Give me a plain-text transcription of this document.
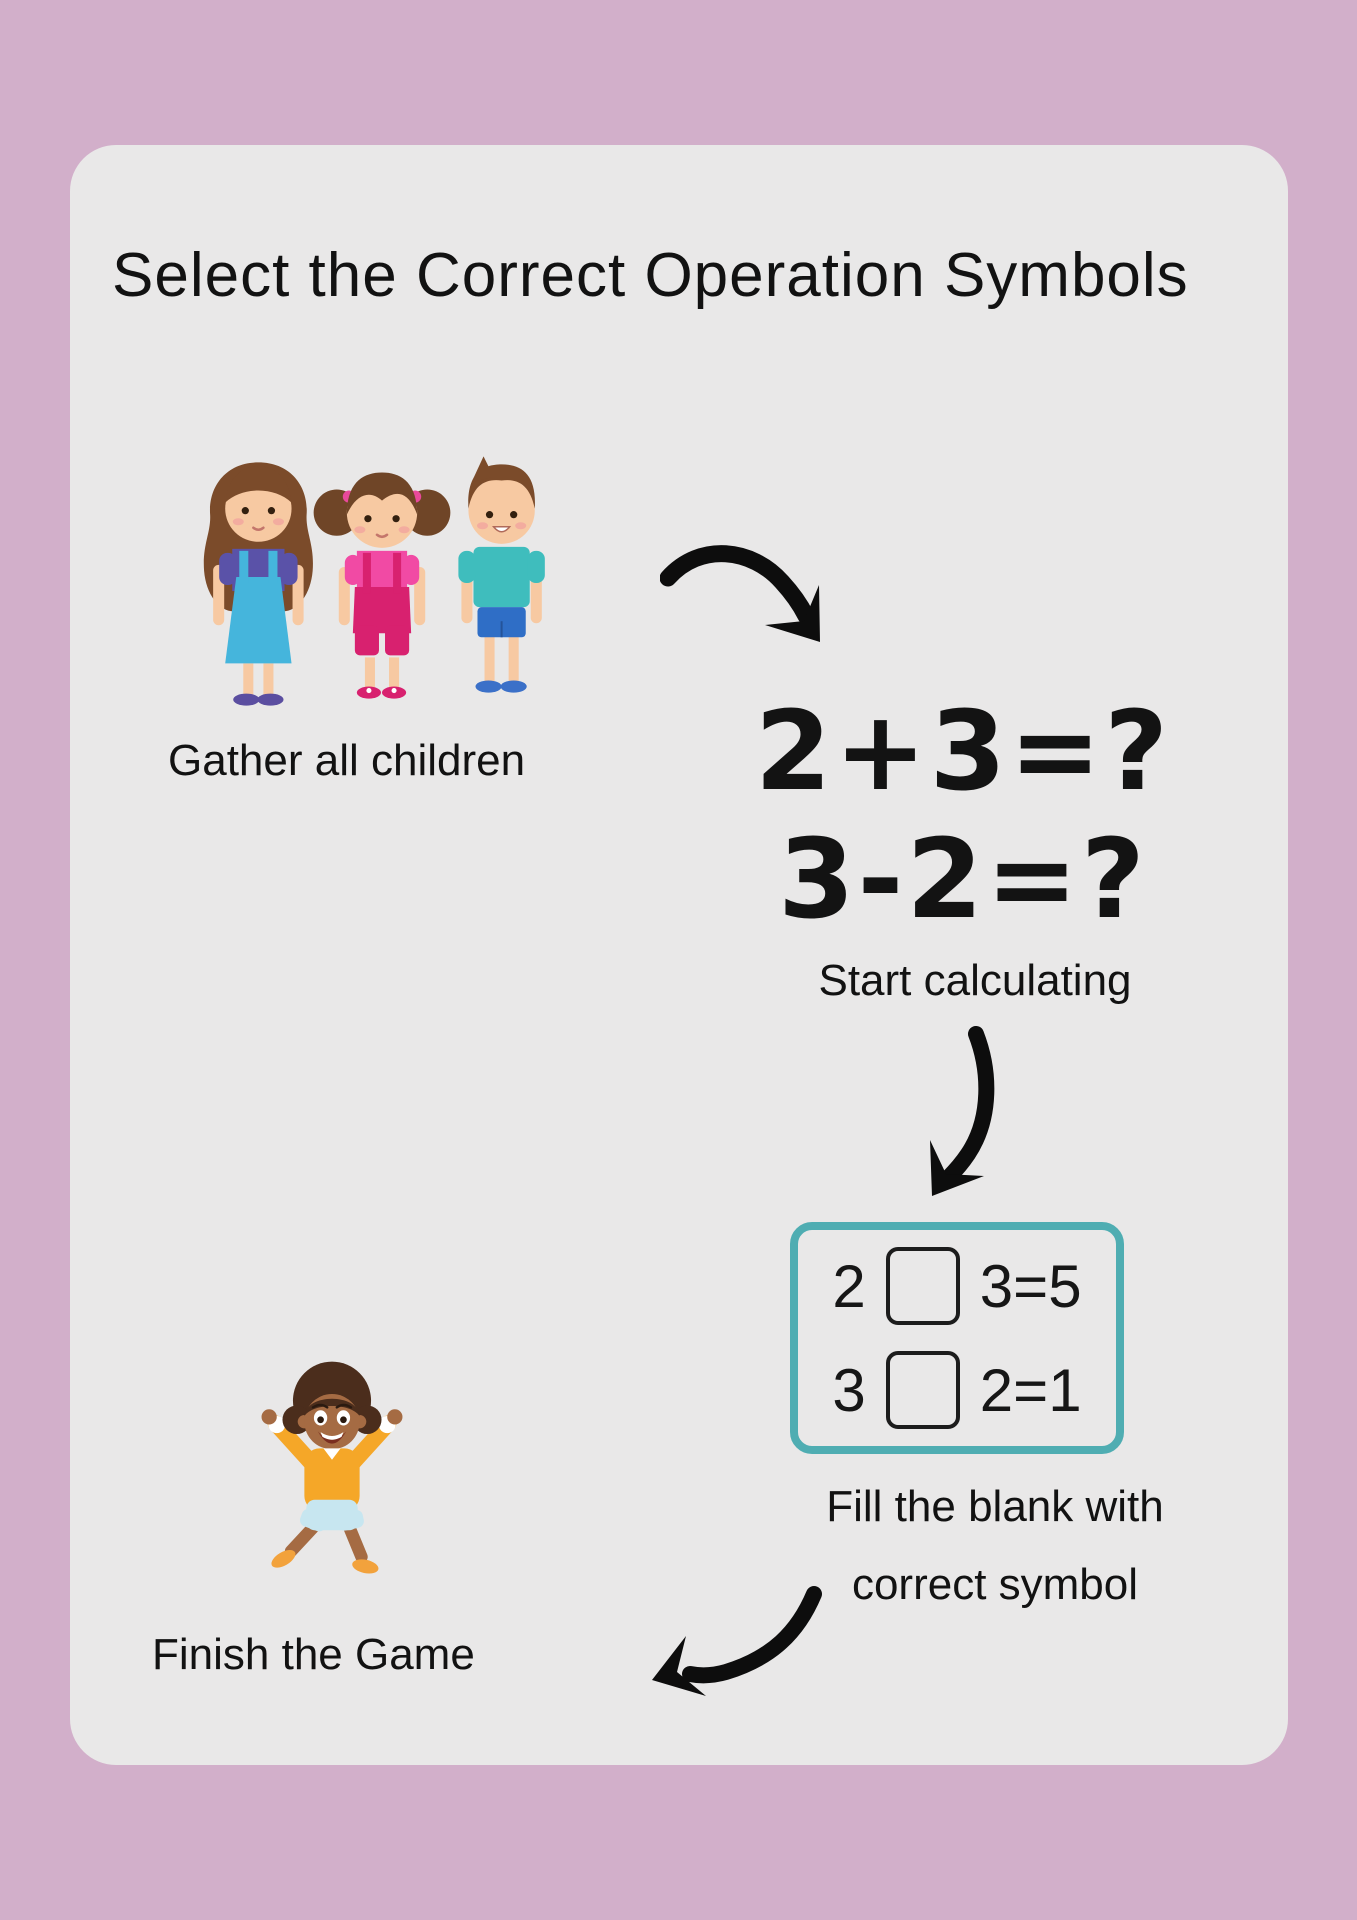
Select the Correct Operation Symbols
Gather all children	2+3=?
3-2=?
Start calculating
2 3=5
3 2=1
Fill the blank with
correct symbol
Finish the Game
